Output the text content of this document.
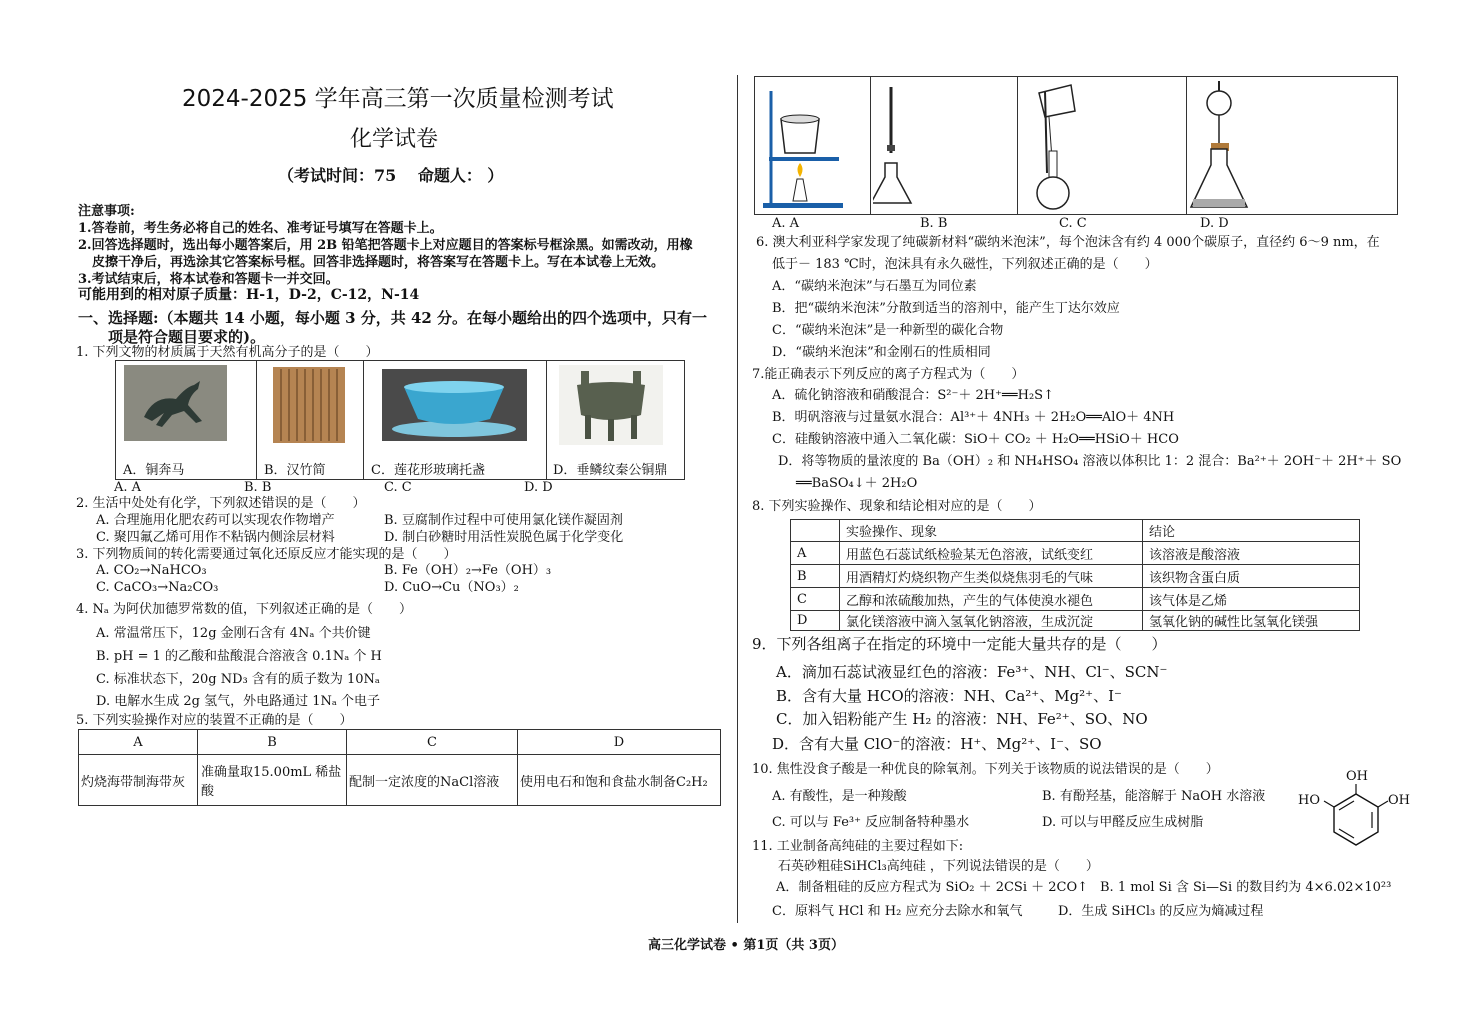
2024-2025 学年高三第一次质量检测考试
化学试卷
（考试时间：75　 命题人： ）
注意事项:
1.答卷前，考生务必将自己的姓名、准考证号填写在答题卡上。
2.回答选择题时，选出每小题答案后，用 2B 铅笔把答题卡上对应题目的答案标号框涂黑。如需改动，用橡
皮擦干净后，再选涂其它答案标号框。回答非选择题时，将答案写在答题卡上。写在本试卷上无效。
3.考试结束后，将本试卷和答题卡一并交回。
可能用到的相对原子质量：H-1，D-2，C-12，N-14
一、选择题:（本题共 14 小题，每小题 3 分，共 42 分。在每小题给出的四个选项中，只有一
项是符合题目要求的)。
1. 下列文物的材质属于天然有机高分子的是（　　）
A．铜奔马	B．汉竹简	C．莲花形玻璃托盏	D．垂鳞纹秦公铜鼎
A. A	B. B	C. C	D. D
2. 生活中处处有化学，下列叙述错误的是（　　）
A. 合理施用化肥农药可以实现农作物增产	B. 豆腐制作过程中可使用氯化镁作凝固剂
C. 聚四氟乙烯可用作不粘锅内侧涂层材料	D. 制白砂糖时用活性炭脱色属于化学变化
3. 下列物质间的转化需要通过氧化还原反应才能实现的是（　　）
A. CO₂→NaHCO₃	B. Fe（OH）₂→Fe（OH）₃
C. CaCO₃→Na₂CO₃	D. CuO→Cu（NO₃）₂
4. Nₐ 为阿伏加德罗常数的值，下列叙述正确的是（　　）
A. 常温常压下，12g 金刚石含有 4Nₐ 个共价键
B. pH = 1 的乙酸和盐酸混合溶液含 0.1Nₐ 个 H
C. 标准状态下，20g ND₃ 含有的质子数为 10Nₐ
D. 电解水生成 2g 氢气，外电路通过 1Nₐ 个电子
5. 下列实验操作对应的装置不正确的是（　　）
A	B	C	D
灼烧海带制海带灰	准确量取15.00mL 稀盐酸	配制一定浓度的NaCl溶液	使用电石和饱和食盐水制备C₂H₂
A. A	B. B	C. C	D. D
6. 澳大利亚科学家发现了纯碳新材料“碳纳米泡沫”，每个泡沫含有约 4 000个碳原子，直径约 6～9 nm，在
低于－ 183 ℃时，泡沫具有永久磁性，下列叙述正确的是（　　）
A．“碳纳米泡沫”与石墨互为同位素
B．把“碳纳米泡沫”分散到适当的溶剂中，能产生丁达尔效应
C．“碳纳米泡沫”是一种新型的碳化合物
D．“碳纳米泡沫”和金刚石的性质相同
7.能正确表示下列反应的离子方程式为（　　）
A．硫化钠溶液和硝酸混合：S²⁻＋ 2H⁺══H₂S↑
B．明矾溶液与过量氨水混合：Al³⁺＋ 4NH₃ ＋ 2H₂O══AlO＋ 4NH
C．硅酸钠溶液中通入二氧化碳：SiO＋ CO₂ ＋ H₂O══HSiO＋ HCO
D．将等物质的量浓度的 Ba（OH）₂ 和 NH₄HSO₄ 溶液以体积比 1：2 混合：Ba²⁺＋ 2OH⁻＋ 2H⁺＋ SO
══BaSO₄↓＋ 2H₂O
8. 下列实验操作、现象和结论相对应的是（　　）
	实验操作、现象	结论
A	用蓝色石蕊试纸检验某无色溶液，试纸变红	该溶液是酸溶液
B	用酒精灯灼烧织物产生类似烧焦羽毛的气味	该织物含蛋白质
C	乙醇和浓硫酸加热，产生的气体使溴水褪色	该气体是乙烯
D	氯化镁溶液中滴入氢氧化钠溶液，生成沉淀	氢氧化钠的碱性比氢氧化镁强
9．下列各组离子在指定的环境中一定能大量共存的是（　　）
A．滴加石蕊试液显红色的溶液：Fe³⁺、NH、Cl⁻、SCN⁻
B．含有大量 HCO的溶液：NH、Ca²⁺、Mg²⁺、I⁻
C．加入铝粉能产生 H₂ 的溶液：NH、Fe²⁺、SO、NO
D．含有大量 ClO⁻的溶液：H⁺、Mg²⁺、I⁻、SO
10. 焦性没食子酸是一种优良的除氧剂。下列关于该物质的说法错误的是（　　）
A. 有酸性，是一种羧酸	B. 有酚羟基，能溶解于 NaOH 水溶液
C. 可以与 Fe³⁺ 反应制备特种墨水	D. 可以与甲醛反应生成树脂
OH
HO	OH
11. 工业制备高纯硅的主要过程如下:
石英砂粗硅SiHCl₃高纯硅 ，下列说法错误的是（　　）
A．制备粗硅的反应方程式为 SiO₂ ＋ 2CSi ＋ 2CO↑ B. 1 mol Si 含 Si—Si 的数目约为 4×6.02×10²³
C．原料气 HCl 和 H₂ 应充分去除水和氧气	D．生成 SiHCl₃ 的反应为熵减过程
高三化学试卷 • 第1页（共 3页）
